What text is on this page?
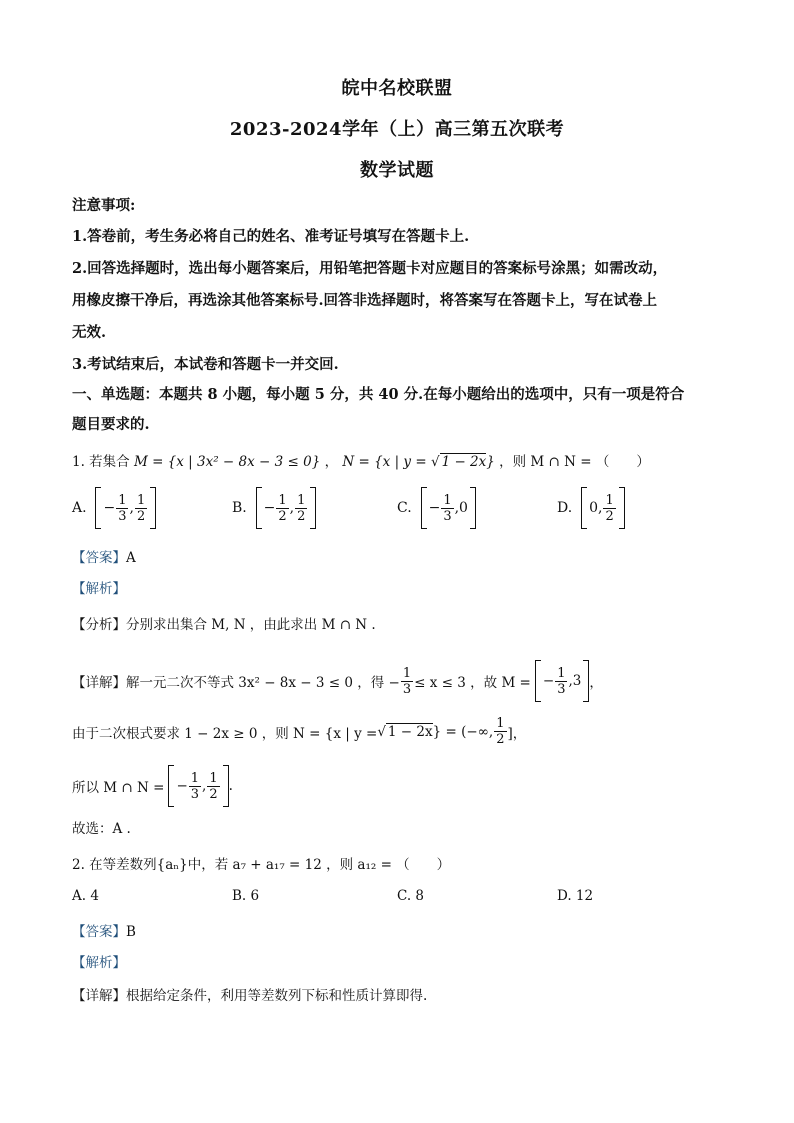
皖中名校联盟
2023-2024学年（上）高三第五次联考
数学试题
注意事项:
1.答卷前，考生务必将自己的姓名、准考证号填写在答题卡上.
2.回答选择题时，选出每小题答案后，用铅笔把答题卡对应题目的答案标号涂黑；如需改动，
用橡皮擦干净后，再选涂其他答案标号.回答非选择题时，将答案写在答题卡上，写在试卷上
无效.
3.考试结束后，本试卷和答题卡一并交回.
一、单选题：本题共 8 小题，每小题 5 分，共 40 分.在每小题给出的选项中，只有一项是符合
题目要求的.
1. 若集合 M = {x | 3x² − 8x − 3 ≤ 0} ， N = {x | y = √ 1 − 2x} ，则 M ∩ N = （　　）
A.
− $\frac{1}{3}$ , $\frac{1}{2}$	B.
− $\frac{1}{2}$ , $\frac{1}{2}$	C.
− $\frac{1}{3}$ , 0	D.
0 , $\frac{1}{2}$
【答案】A
【解析】
【分析】分别求出集合 M, N ，由此求出 M ∩ N .
【详解】 解一元二次不等式 3x² − 8x − 3 ≤ 0 ，得 − $\frac{1}{3} \le x \le 3$ ，故 M = − $\frac{1}{3} ,3$ ，
由于二次根式要求 1 − 2x ≥ 0 ，则 N = {x | y = √ 1 − 2x } = (−∞, $\frac{1}{2}$ ]，
所以 M ∩ N = − $\frac{1}{3}$ , $\frac{1}{2}$ .
故选：A .
2. 在等差数列{aₙ}中，若 a₇ + a₁₇ = 12 ，则 a₁₂ = （　　）
A. 4	B. 6	C. 8	D. 12
【答案】B
【解析】
【详解】根据给定条件，利用等差数列下标和性质计算即得.
